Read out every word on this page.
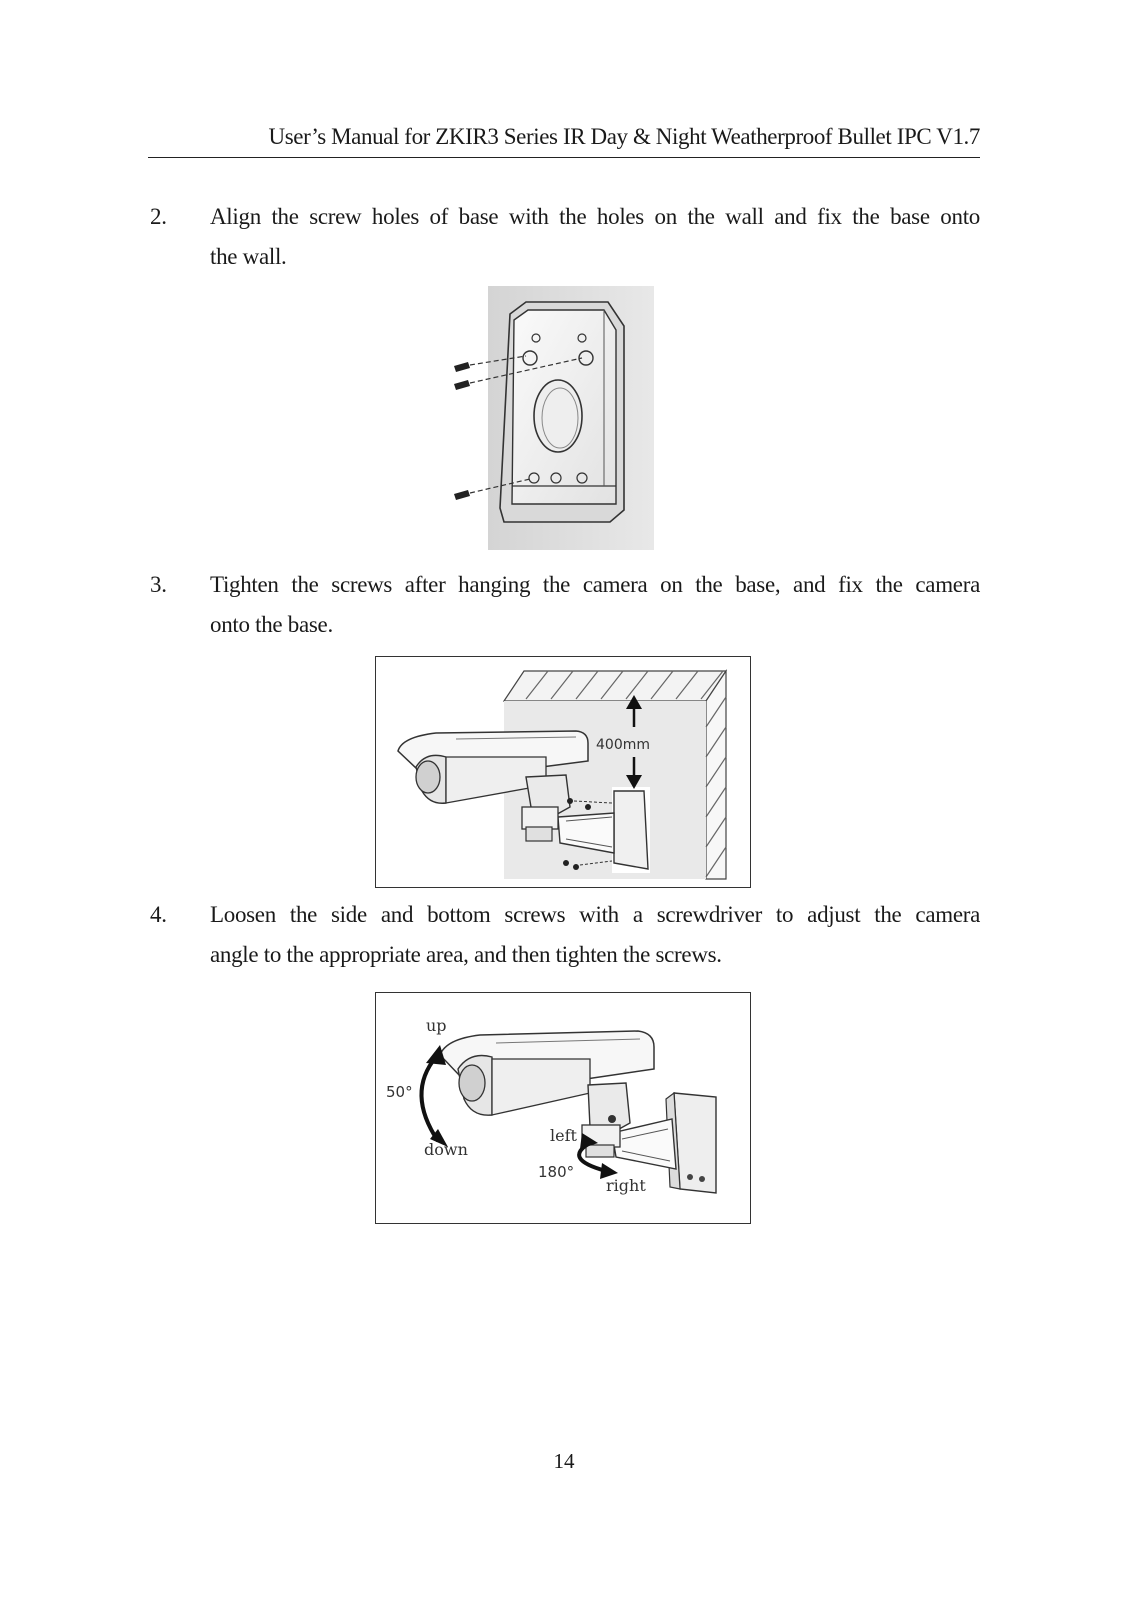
User’s Manual for ZKIR3 Series IR Day & Night Weatherproof Bullet IPC V1.7
2. Align the screw holes of base with the holes on the wall and fix the base onto
the wall.
3. Tighten the screws after hanging the camera on the base, and fix the camera
onto the base.
400mm
4. Loosen the side and bottom screws with a screwdriver to adjust the camera
angle to the appropriate area, and then tighten the screws.
up
50°
down
left
180°
right
14
